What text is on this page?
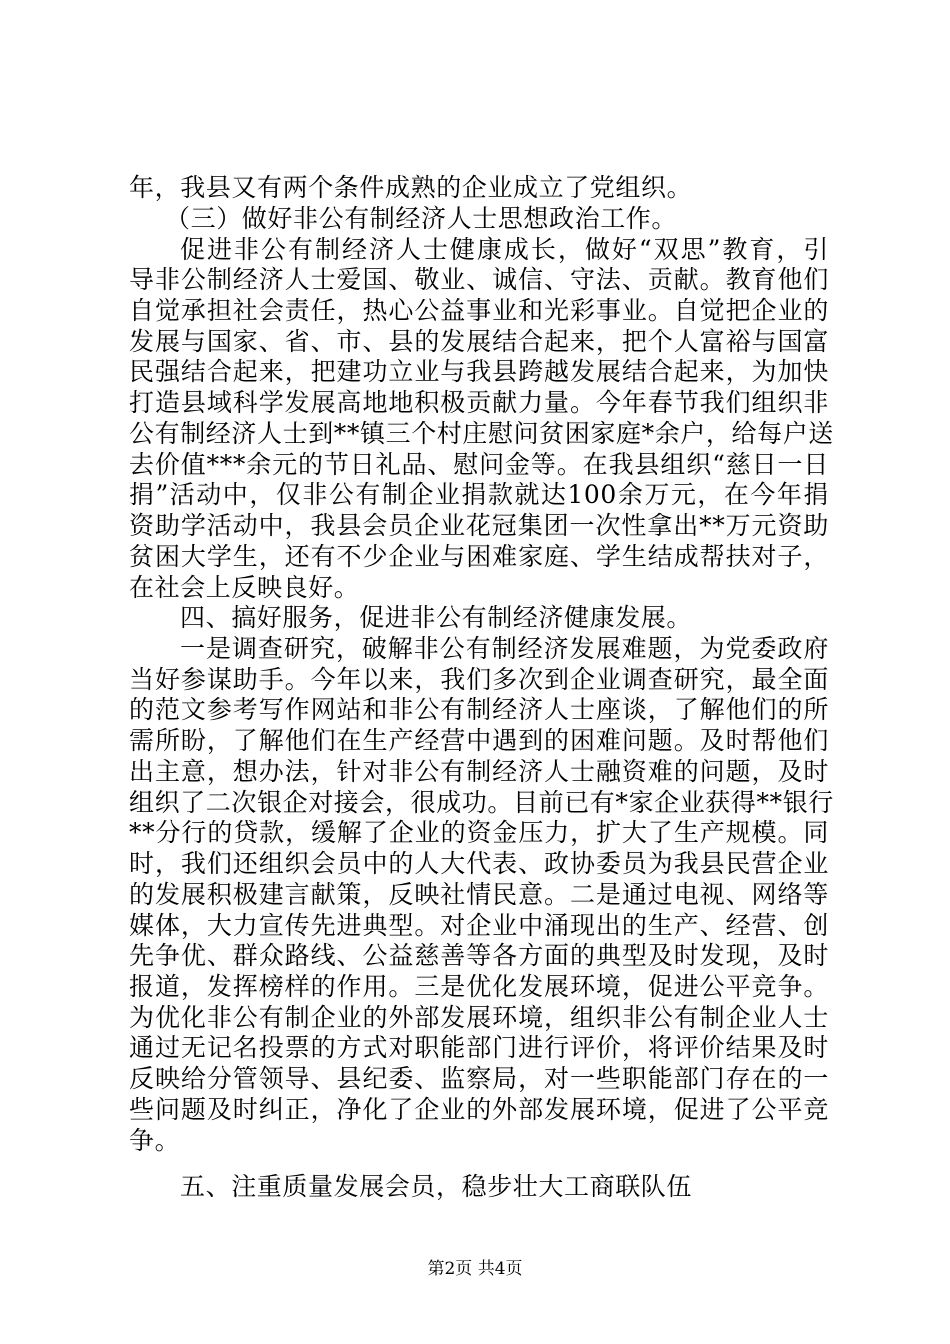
年，我县又有两个条件成熟的企业成立了党组织。
（三）做好非公有制经济人士思想政治工作。
促进非公有制经济人士健康成长，做好“双思”教育，引
导非公制经济人士爱国、敬业、诚信、守法、贡献。教育他们
自觉承担社会责任，热心公益事业和光彩事业。自觉把企业的
发展与国家、省、市、县的发展结合起来，把个人富裕与国富
民强结合起来，把建功立业与我县跨越发展结合起来，为加快
打造县域科学发展高地地积极贡献力量。今年春节我们组织非
公有制经济人士到**镇三个村庄慰问贫困家庭*余户，给每户送
去价值***余元的节日礼品、慰问金等。在我县组织“慈日一日
捐”活动中，仅非公有制企业捐款就达100余万元，在今年捐
资助学活动中，我县会员企业花冠集团一次性拿出**万元资助
贫困大学生，还有不少企业与困难家庭、学生结成帮扶对子，
在社会上反映良好。
四、搞好服务，促进非公有制经济健康发展。
一是调查研究，破解非公有制经济发展难题，为党委政府
当好参谋助手。今年以来，我们多次到企业调查研究，最全面
的范文参考写作网站和非公有制经济人士座谈，了解他们的所
需所盼，了解他们在生产经营中遇到的困难问题。及时帮他们
出主意，想办法，针对非公有制经济人士融资难的问题，及时
组织了二次银企对接会，很成功。目前已有*家企业获得**银行
**分行的贷款，缓解了企业的资金压力，扩大了生产规模。同
时，我们还组织会员中的人大代表、政协委员为我县民营企业
的发展积极建言献策，反映社情民意。二是通过电视、网络等
媒体，大力宣传先进典型。对企业中涌现出的生产、经营、创
先争优、群众路线、公益慈善等各方面的典型及时发现，及时
报道，发挥榜样的作用。三是优化发展环境，促进公平竞争。
为优化非公有制企业的外部发展环境，组织非公有制企业人士
通过无记名投票的方式对职能部门进行评价，将评价结果及时
反映给分管领导、县纪委、监察局，对一些职能部门存在的一
些问题及时纠正，净化了企业的外部发展环境，促进了公平竞
争。
五、注重质量发展会员，稳步壮大工商联队伍
第2页 共4页
